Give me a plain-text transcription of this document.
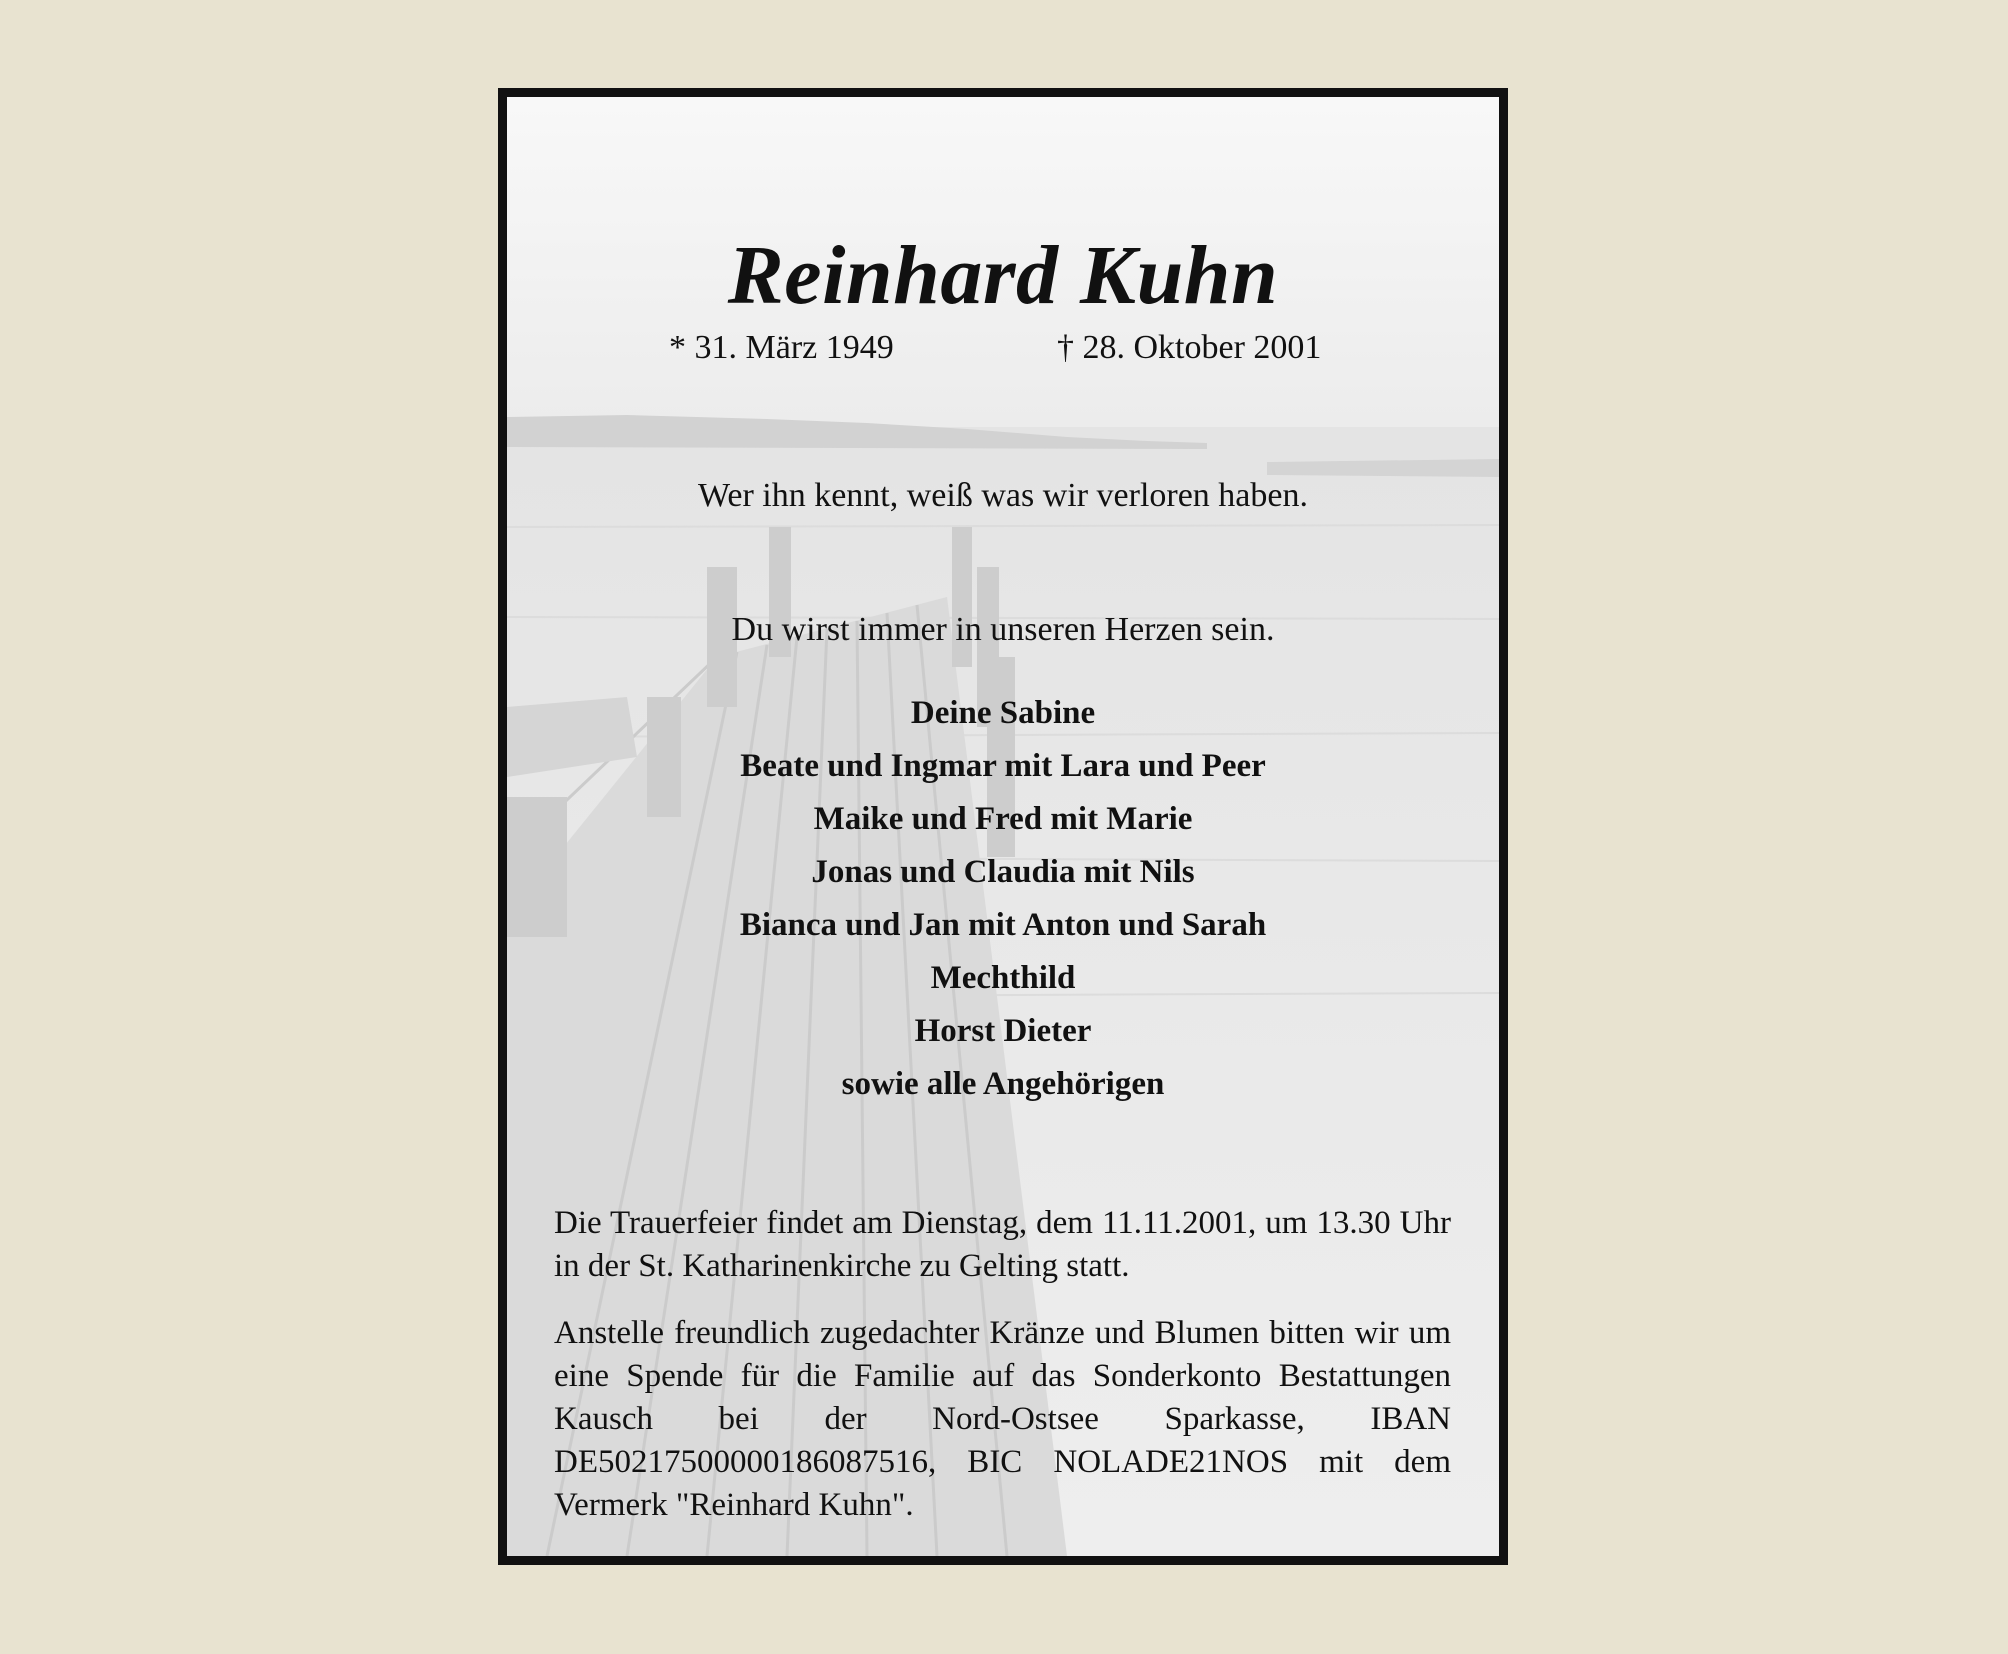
Reinhard Kuhn
* 31. März 1949	† 28. Oktober 2001
Wer ihn kennt, weiß was wir verloren haben.
Du wirst immer in unseren Herzen sein.
Deine Sabine
Beate und Ingmar mit Lara und Peer
Maike und Fred mit Marie
Jonas und Claudia mit Nils
Bianca und Jan mit Anton und Sarah
Mechthild
Horst Dieter
sowie alle Angehörigen

Die Trauerfeier findet am Dienstag, dem 11.11.2001, um 13.30 Uhr in der St. Katharinenkirche zu Gelting statt.

Anstelle freundlich zugedachter Kränze und Blumen bitten wir um eine Spende für die Familie auf das Sonderkonto Bestattungen Kausch bei der Nord-Ostsee Sparkasse, IBAN DE50217500000186087516, BIC NOLADE21NOS mit dem Vermerk "Reinhard Kuhn".
